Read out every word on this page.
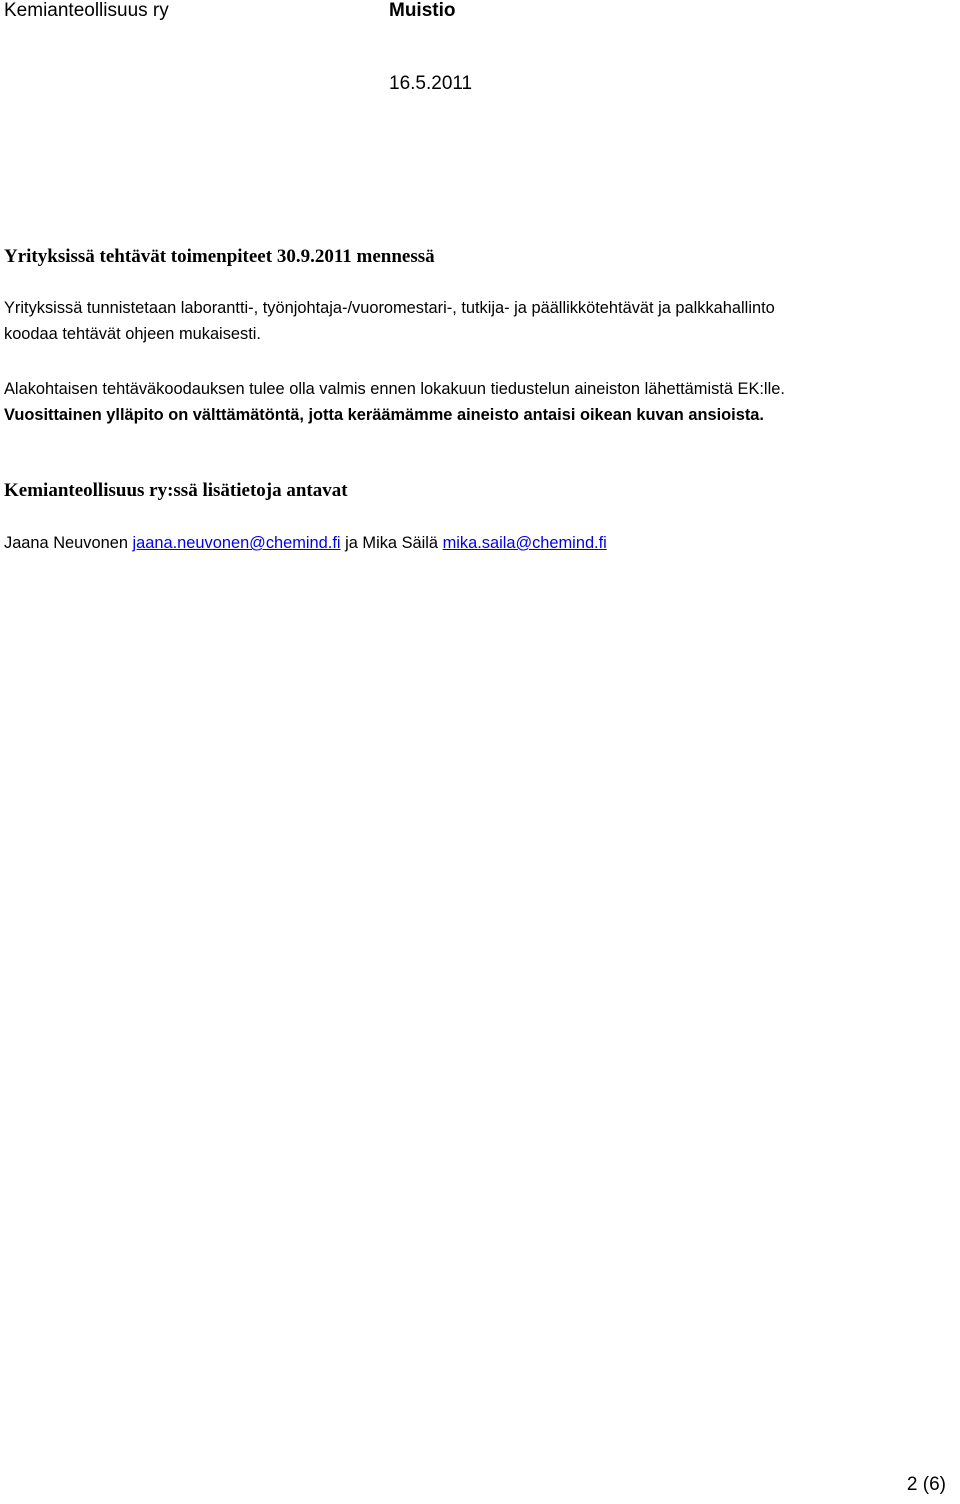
Kemianteollisuus ry	Muistio
16.5.2011
Yrityksissä tehtävät toimenpiteet 30.9.2011 mennessä

Yrityksissä tunnistetaan laborantti-, työnjohtaja-/vuoromestari-, tutkija- ja päällikkötehtävät ja palkkahallinto

koodaa tehtävät ohjeen mukaisesti.

Alakohtaisen tehtäväkoodauksen tulee olla valmis ennen lokakuun tiedustelun aineiston lähettämistä EK:lle.

Vuosittainen ylläpito on välttämätöntä, jotta keräämämme aineisto antaisi oikean kuvan ansioista.

Kemianteollisuus ry:ssä lisätietoja antavat

Jaana Neuvonen jaana.neuvonen@chemind.fi ja Mika Säilä mika.saila@chemind.fi

2 (6)
